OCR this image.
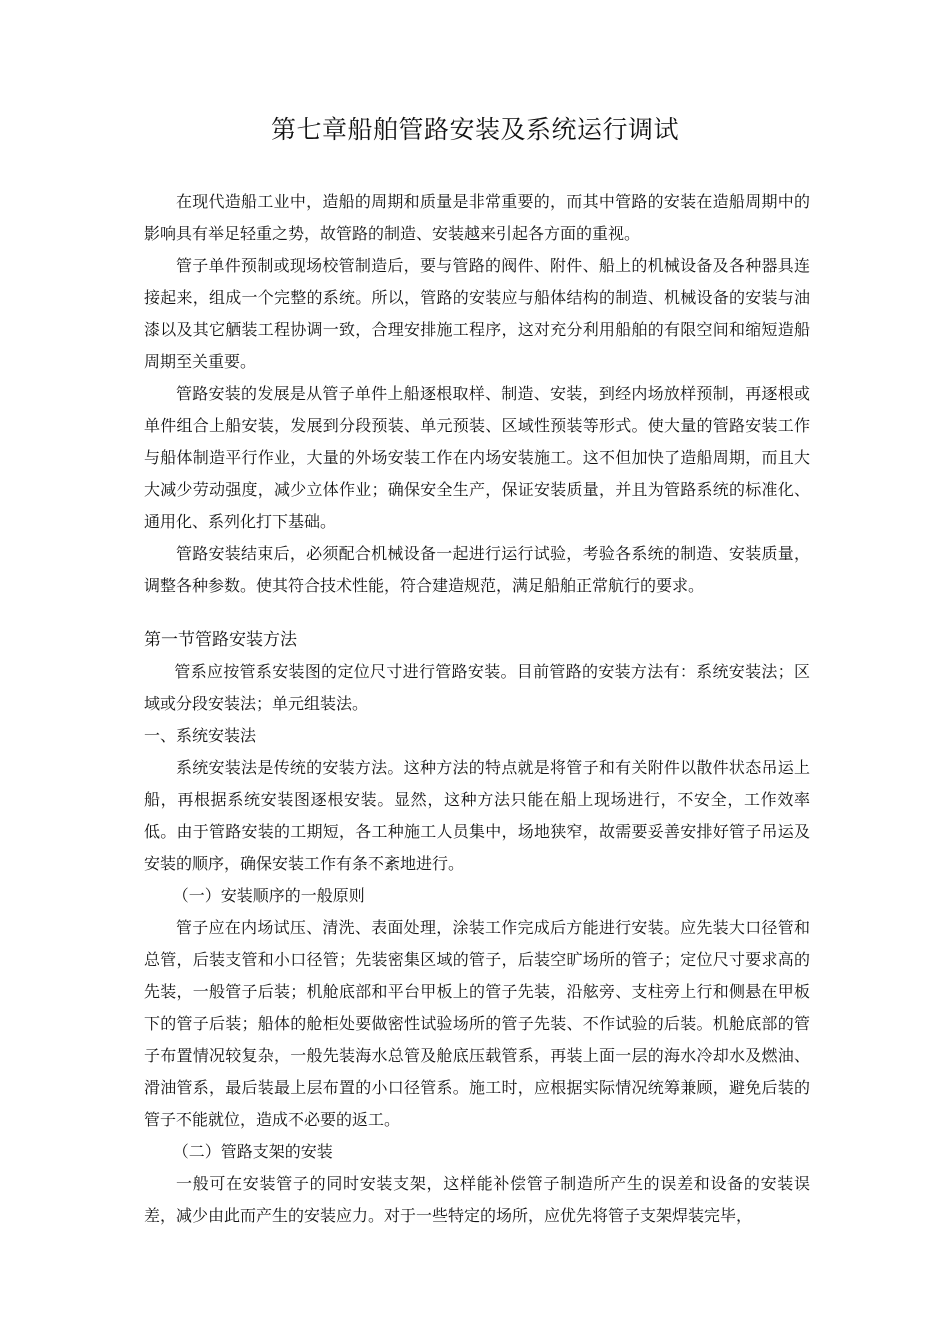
第七章船舶管路安装及系统运行调试

在现代造船工业中，造船的周期和质量是非常重要的，而其中管路的安装在造船周期中的影响具有举足轻重之势，故管路的制造、安装越来引起各方面的重视。

管子单件预制或现场校管制造后，要与管路的阀件、附件、船上的机械设备及各种器具连接起来，组成一个完整的系统。所以，管路的安装应与船体结构的制造、机械设备的安装与油漆以及其它舾装工程协调一致，合理安排施工程序，这对充分利用船舶的有限空间和缩短造船周期至关重要。

管路安装的发展是从管子单件上船逐根取样、制造、安装，到经内场放样预制，再逐根或单件组合上船安装，发展到分段预装、单元预装、区域性预装等形式。使大量的管路安装工作与船体制造平行作业，大量的外场安装工作在内场安装施工。这不但加快了造船周期，而且大大减少劳动强度，减少立体作业；确保安全生产，保证安装质量，并且为管路系统的标准化、通用化、系列化打下基础。

管路安装结束后，必须配合机械设备一起进行运行试验，考验各系统的制造、安装质量，调整各种参数。使其符合技术性能，符合建造规范，满足船舶正常航行的要求。

第一节管路安装方法

管系应按管系安装图的定位尺寸进行管路安装。目前管路的安装方法有：系统安装法；区域或分段安装法；单元组装法。

一、系统安装法

系统安装法是传统的安装方法。这种方法的特点就是将管子和有关附件以散件状态吊运上船，再根据系统安装图逐根安装。显然，这种方法只能在船上现场进行，不安全，工作效率低。由于管路安装的工期短，各工种施工人员集中，场地狭窄，故需要妥善安排好管子吊运及安装的顺序，确保安装工作有条不紊地进行。

（一）安装顺序的一般原则

管子应在内场试压、清洗、表面处理，涂装工作完成后方能进行安装。应先装大口径管和总管，后装支管和小口径管；先装密集区域的管子，后装空旷场所的管子；定位尺寸要求高的先装，一般管子后装；机舱底部和平台甲板上的管子先装，沿舷旁、支柱旁上行和侧悬在甲板下的管子后装；船体的舱柜处要做密性试验场所的管子先装、不作试验的后装。机舱底部的管子布置情况较复杂，一般先装海水总管及舱底压载管系，再装上面一层的海水冷却水及燃油、滑油管系，最后装最上层布置的小口径管系。施工时，应根据实际情况统筹兼顾，避免后装的管子不能就位，造成不必要的返工。

（二）管路支架的安装

一般可在安装管子的同时安装支架，这样能补偿管子制造所产生的误差和设备的安装误差，减少由此而产生的安装应力。对于一些特定的场所，应优先将管子支架焊装完毕，
